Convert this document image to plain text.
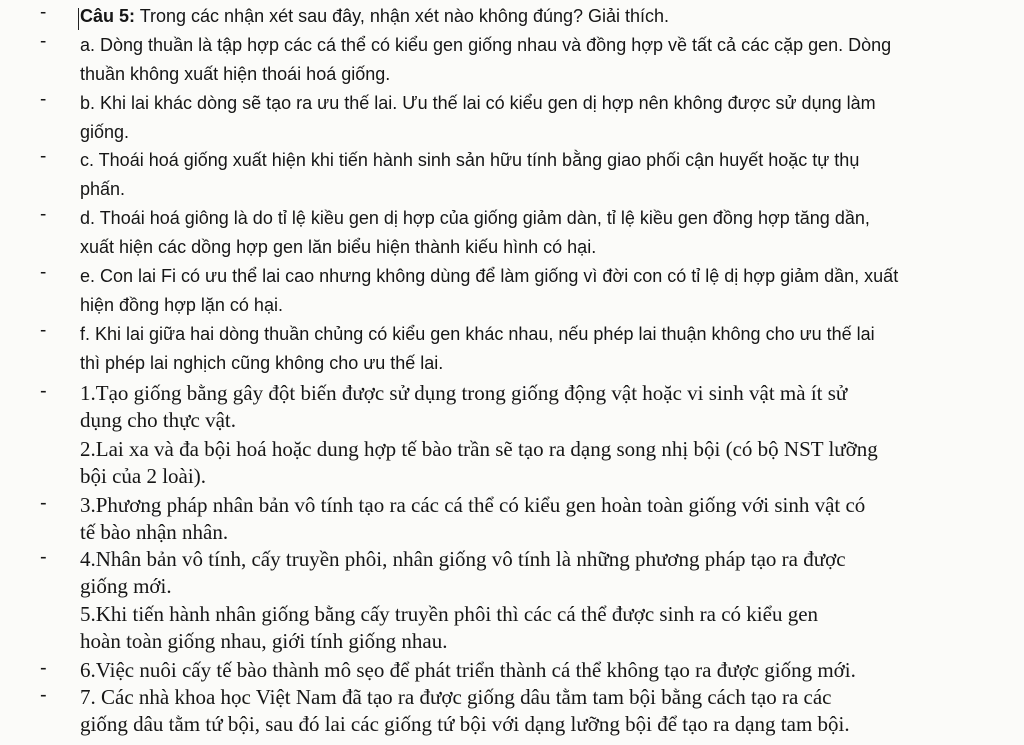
- Câu 5: Trong các nhận xét sau đây, nhận xét nào không đúng? Giải thích.
- a. Dòng thuần là tập hợp các cá thể có kiểu gen giống nhau và đồng hợp về tất cả các cặp gen. Dòng
thuần không xuất hiện thoái hoá giống.
- b. Khi lai khác dòng sẽ tạo ra ưu thế lai. Ưu thế lai có kiểu gen dị hợp nên không được sử dụng làm
giống.
- c. Thoái hoá giống xuất hiện khi tiến hành sinh sản hữu tính bằng giao phối cận huyết hoặc tự thụ
phấn.
- d. Thoái hoá giông là do tỉ lệ kiều gen dị hợp của giống giảm dàn, tỉ lệ kiều gen đồng hợp tăng dần,
xuất hiện các dồng hợp gen lăn biểu hiện thành kiếu hình có hại.
- e. Con lai Fi có ưu thể lai cao nhưng không dùng để làm giống vì đời con có tỉ lệ dị hợp giảm dần, xuất
hiện đồng hợp lặn có hại.
- f. Khi lai giữa hai dòng thuần chủng có kiểu gen khác nhau, nếu phép lai thuận không cho ưu thế lai
thì phép lai nghịch cũng không cho ưu thế lai.
- 1.Tạo giống bằng gây đột biến được sử dụng trong giống động vật hoặc vi sinh vật mà ít sử
dụng cho thực vật.
2.Lai xa và đa bội hoá hoặc dung hợp tế bào trần sẽ tạo ra dạng song nhị bội (có bộ NST lưỡng
bội của 2 loài).
- 3.Phương pháp nhân bản vô tính tạo ra các cá thể có kiểu gen hoàn toàn giống với sinh vật có
tế bào nhận nhân.
- 4.Nhân bản vô tính, cấy truyền phôi, nhân giống vô tính là những phương pháp tạo ra được
giống mới.
5.Khi tiến hành nhân giống bằng cấy truyền phôi thì các cá thể được sinh ra có kiểu gen
hoàn toàn giống nhau, giới tính giống nhau.
- 6.Việc nuôi cấy tế bào thành mô sẹo để phát triển thành cá thể không tạo ra được giống mới.
- 7. Các nhà khoa học Việt Nam đã tạo ra được giống dâu tằm tam bội bằng cách tạo ra các
giống dâu tằm tứ bội, sau đó lai các giống tứ bội với dạng lưỡng bội để tạo ra dạng tam bội.
